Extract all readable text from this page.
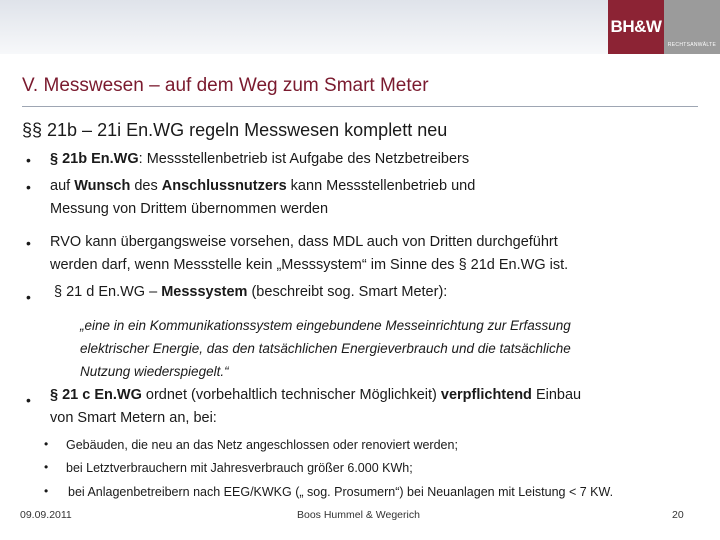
BH&W
RECHTSANWÄLTE
V. Messwesen – auf dem Weg zum Smart Meter
§§ 21b – 21i En.WG regeln Messwesen komplett neu
• § 21b En.WG: Messstellenbetrieb ist Aufgabe des Netzbetreibers
• auf Wunsch des Anschlussnutzers kann Messstellenbetrieb und
Messung von Drittem übernommen werden
• RVO kann übergangsweise vorsehen, dass MDL auch von Dritten durchgeführt
werden darf, wenn Messstelle kein „Messsystem“ im Sinne des § 21d En.WG ist.
• § 21 d En.WG – Messsystem (beschreibt sog. Smart Meter):
„eine in ein Kommunikationssystem eingebundene Messeinrichtung zur Erfassung
elektrischer Energie, das den tatsächlichen Energieverbrauch und die tatsächliche
Nutzung wiederspiegelt.“
• § 21 c En.WG ordnet (vorbehaltlich technischer Möglichkeit) verpflichtend Einbau
von Smart Metern an, bei:
• Gebäuden, die neu an das Netz angeschlossen oder renoviert werden;
• bei Letztverbrauchern mit Jahresverbrauch größer 6.000 KWh;
• bei Anlagenbetreibern nach EEG/KWKG („ sog. Prosumern“) bei Neuanlagen mit Leistung < 7 KW.
09.09.2011	Boos Hummel & Wegerich	20
